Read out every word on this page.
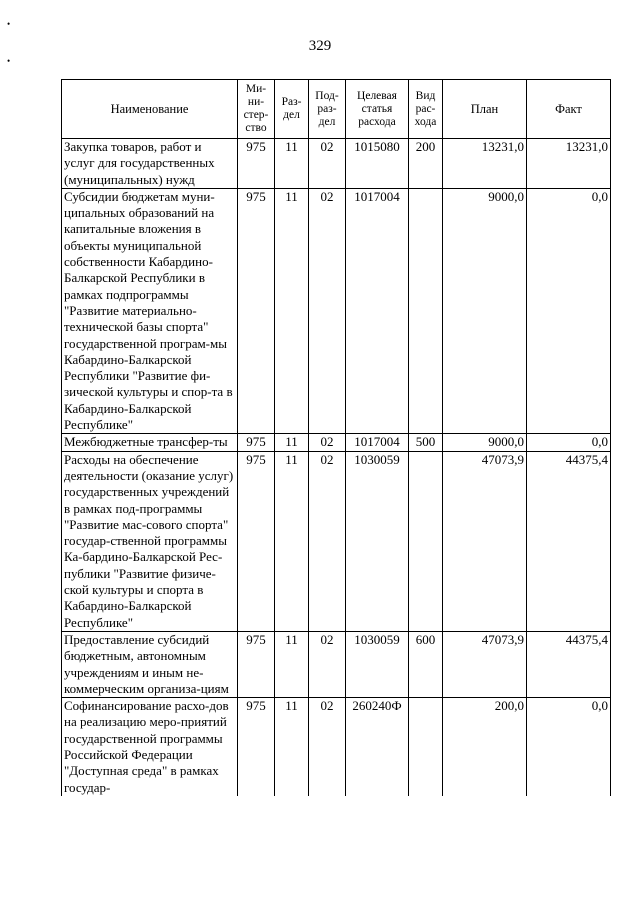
•
•
329
Наименование	Ми-
ни-
стер-
ство	Раз-
дел	Под-
раз-
дел	Целевая
статья
расхода	Вид
рас-
хода	План	Факт
Закупка товаров, работ и услуг для государственных (муниципальных) нужд	975	11	02	1015080	200	13231,0	13231,0
Субсидии бюджетам муни-ципальных образований на капитальные вложения в объекты муниципальной собственности Кабардино-Балкарской Республики в рамках подпрограммы "Развитие материально-технической базы спорта" государственной програм-мы Кабардино-Балкарской Республики "Развитие фи-зической культуры и спор-та в Кабардино-Балкарской Республике"	975	11	02	1017004		9000,0	0,0
Межбюджетные трансфер-ты	975	11	02	1017004	500	9000,0	0,0
Расходы на обеспечение деятельности (оказание услуг) государственных учреждений в рамках под-программы "Развитие мас-сового спорта" государ-ственной программы Ка-бардино-Балкарской Рес-публики "Развитие физиче-ской культуры и спорта в Кабардино-Балкарской Республике"	975	11	02	1030059		47073,9	44375,4
Предоставление субсидий бюджетным, автономным учреждениям и иным не-коммерческим организа-циям	975	11	02	1030059	600	47073,9	44375,4
Софинансирование расхо-дов на реализацию меро-приятий государственной программы Российской Федерации "Доступная среда" в рамках государ-	975	11	02	260240Ф		200,0	0,0
